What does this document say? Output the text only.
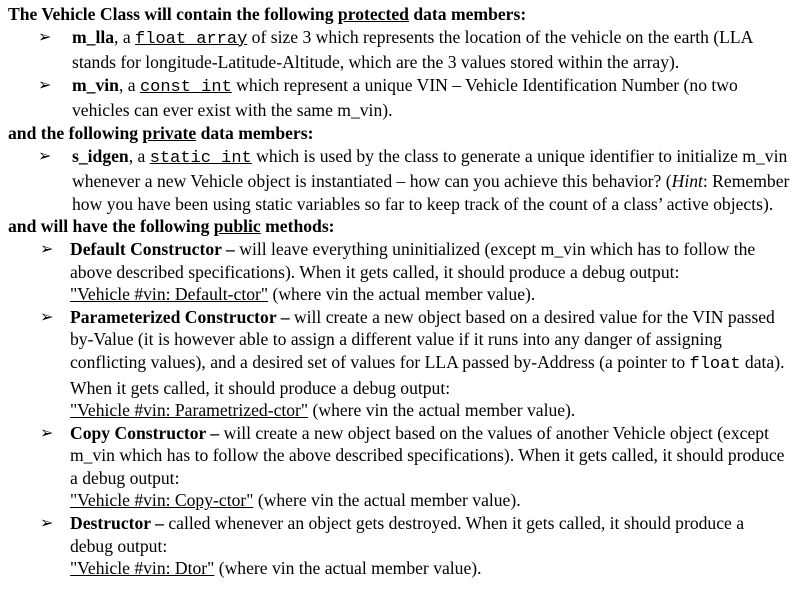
The Vehicle Class will contain the following protected data members:
➢ m_lla, a float array of size 3 which represents the location of the vehicle on the earth (LLA stands for longitude-Latitude-Altitude, which are the 3 values stored within the array).
➢ m_vin, a const int which represent a unique VIN – Vehicle Identification Number (no two vehicles can ever exist with the same m_vin).
and the following private data members:
➢ s_idgen, a static int which is used by the class to generate a unique identifier to initialize m_vin whenever a new Vehicle object is instantiated – how can you achieve this behavior? (Hint: Remember how you have been using static variables so far to keep track of the count of a class’ active objects).
and will have the following public methods:
➢ Default Constructor – will leave everything uninitialized (except m_vin which has to follow the above described specifications). When it gets called, it should produce a debug output:
"Vehicle #vin: Default-ctor" (where vin the actual member value).
➢ Parameterized Constructor – will create a new object based on a desired value for the VIN passed by-Value (it is however able to assign a different value if it runs into any danger of assigning conflicting values), and a desired set of values for LLA passed by-Address (a pointer to float data). When it gets called, it should produce a debug output:
"Vehicle #vin: Parametrized-ctor" (where vin the actual member value).
➢ Copy Constructor – will create a new object based on the values of another Vehicle object (except m_vin which has to follow the above described specifications). When it gets called, it should produce a debug output:
"Vehicle #vin: Copy-ctor" (where vin the actual member value).
➢ Destructor – called whenever an object gets destroyed. When it gets called, it should produce a debug output:
"Vehicle #vin: Dtor" (where vin the actual member value).
